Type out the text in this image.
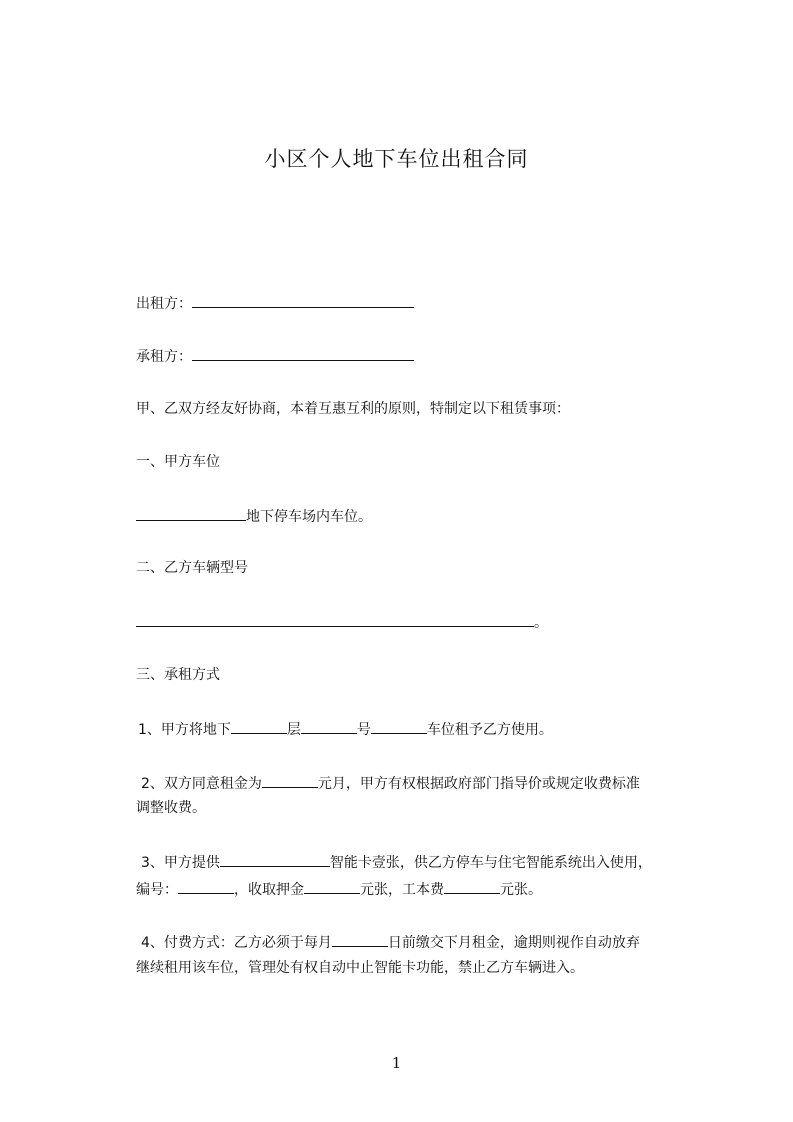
小区个人地下车位出租合同
出租方：
承租方：
甲、乙双方经友好协商，本着互惠互利的原则，特制定以下租赁事项：
一、甲方车位
地下停车场内车位。
二、乙方车辆型号
。
三、承租方式
1、甲方将地下	层	号	车位租予乙方使用。
2、双方同意租金为	元月，甲方有权根据政府部门指导价或规定收费标准
调整收费。
3、甲方提供	智能卡壹张，供乙方停车与住宅智能系统出入使用，
编号：	，收取押金	元张，工本费	元张。
4、付费方式：乙方必须于每月	日前缴交下月租金，逾期则视作自动放弃
继续租用该车位，管理处有权自动中止智能卡功能，禁止乙方车辆进入。
1
